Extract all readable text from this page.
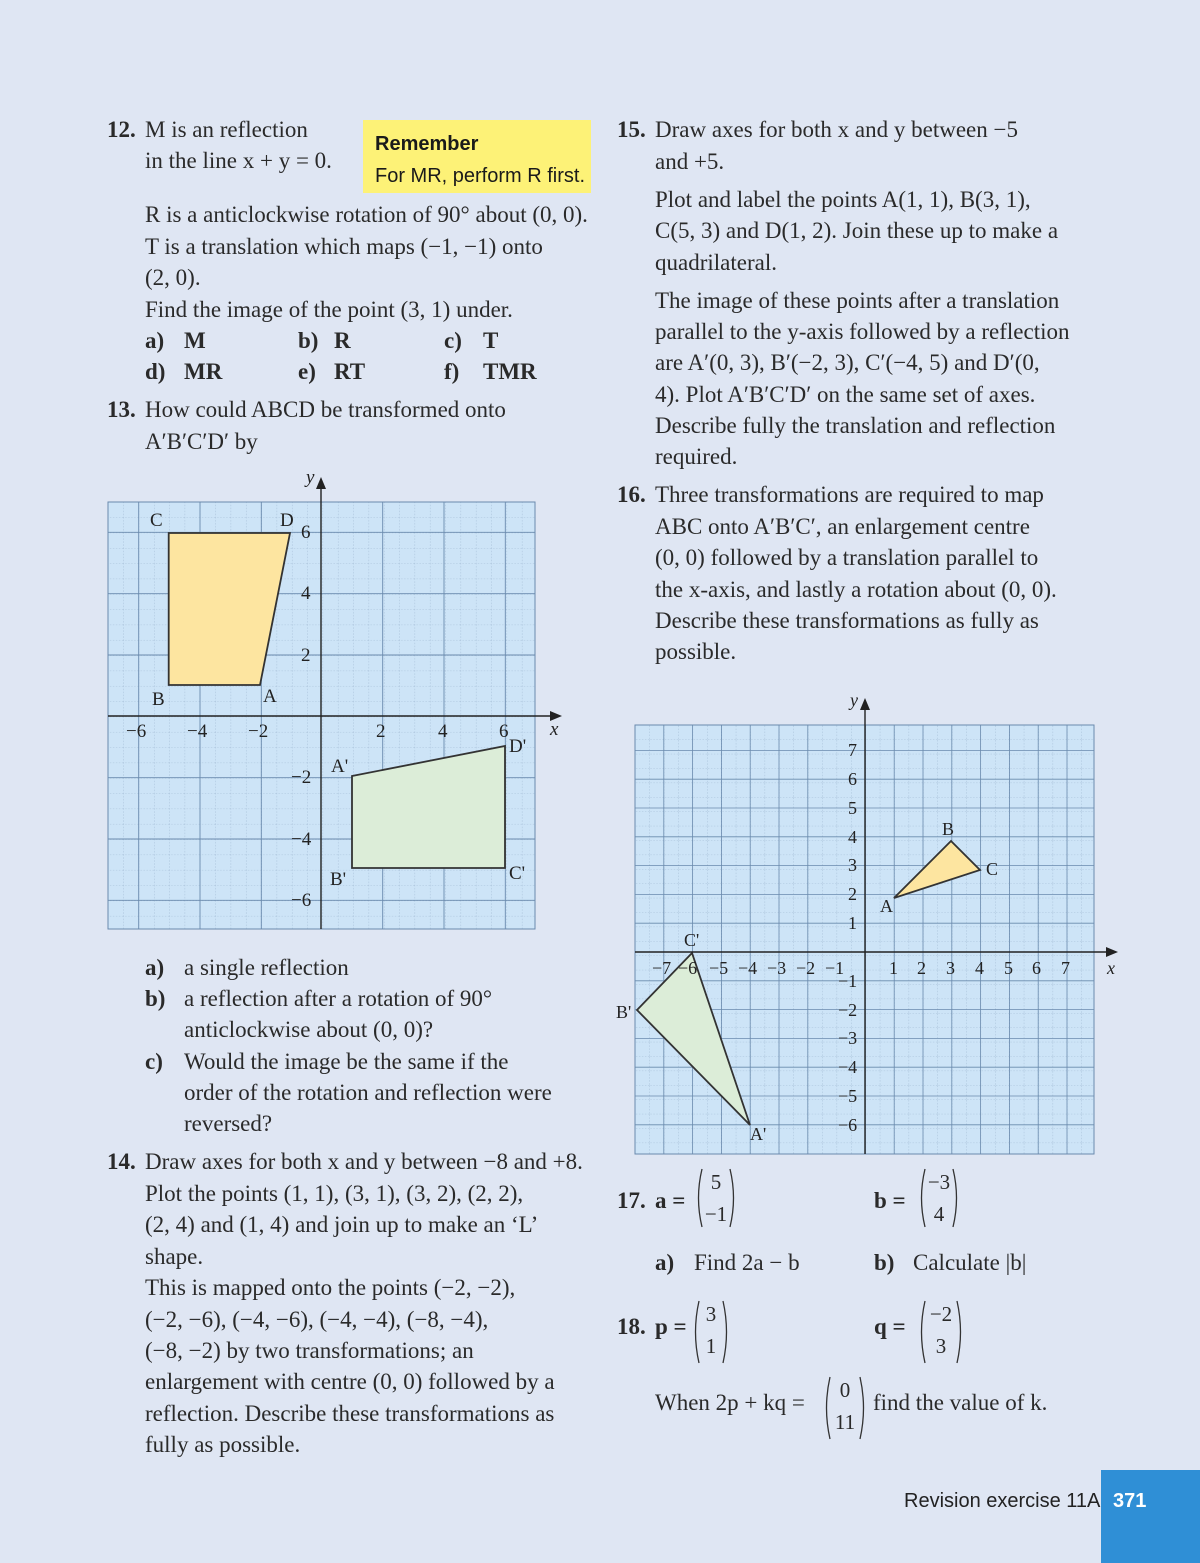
12. M is an reflection
in the line x + y = 0.
Remember
For MR, perform R first.
R is a anticlockwise rotation of 90° about (0, 0).
T is a translation which maps (−1, −1) onto
(2, 0).
Find the image of the point (3, 1) under.
a) M	b) R	c) T
d) MR	e) RT	f) TMR
13. How could ABCD be transformed onto
A′B′C′D′ by
x
y
−6 −4 −2	2	4	6
6
4
2
−2
−4
−6
C	D
B	A
A'
D'
B'	C'
a) a single reflection
b) a reflection after a rotation of 90°
anticlockwise about (0, 0)?
c) Would the image be the same if the
order of the rotation and reflection were
reversed?
14. Draw axes for both x and y between −8 and +8.
Plot the points (1, 1), (3, 1), (3, 2), (2, 2),
(2, 4) and (1, 4) and join up to make an ‘L’
shape.
This is mapped onto the points (−2, −2),
(−2, −6), (−4, −6), (−4, −4), (−8, −4),
(−8, −2) by two transformations; an
enlargement with centre (0, 0) followed by a
reflection. Describe these transformations as
fully as possible.
15. Draw axes for both x and y between −5
and +5.
Plot and label the points A(1, 1), B(3, 1),
C(5, 3) and D(1, 2). Join these up to make a
quadrilateral.
The image of these points after a translation
parallel to the y-axis followed by a reflection
are A′(0, 3), B′(−2, 3), C′(−4, 5) and D′(0,
4). Plot A′B′C′D′ on the same set of axes.
Describe fully the translation and reflection
required.
16. Three transformations are required to map
ABC onto A′B′C′, an enlargement centre
(0, 0) followed by a translation parallel to
the x-axis, and lastly a rotation about (0, 0).
Describe these transformations as fully as
possible.
x
y
−7 −6 −5 −4 −3 −2 −1 1 2 3 4 5 6 7
7
6
5
4
3
2
1
−1
−2
−3
−4
−5
−6
B
C
A
C'
B'
A'
17. a =
5
−1
b =
−3
4
a) Find 2a − b	b) Calculate |b|
18. p = 3
1
q =	−2
3
When 2p + kq =	0
11
find the value of k.
Revision exercise 11A 371
